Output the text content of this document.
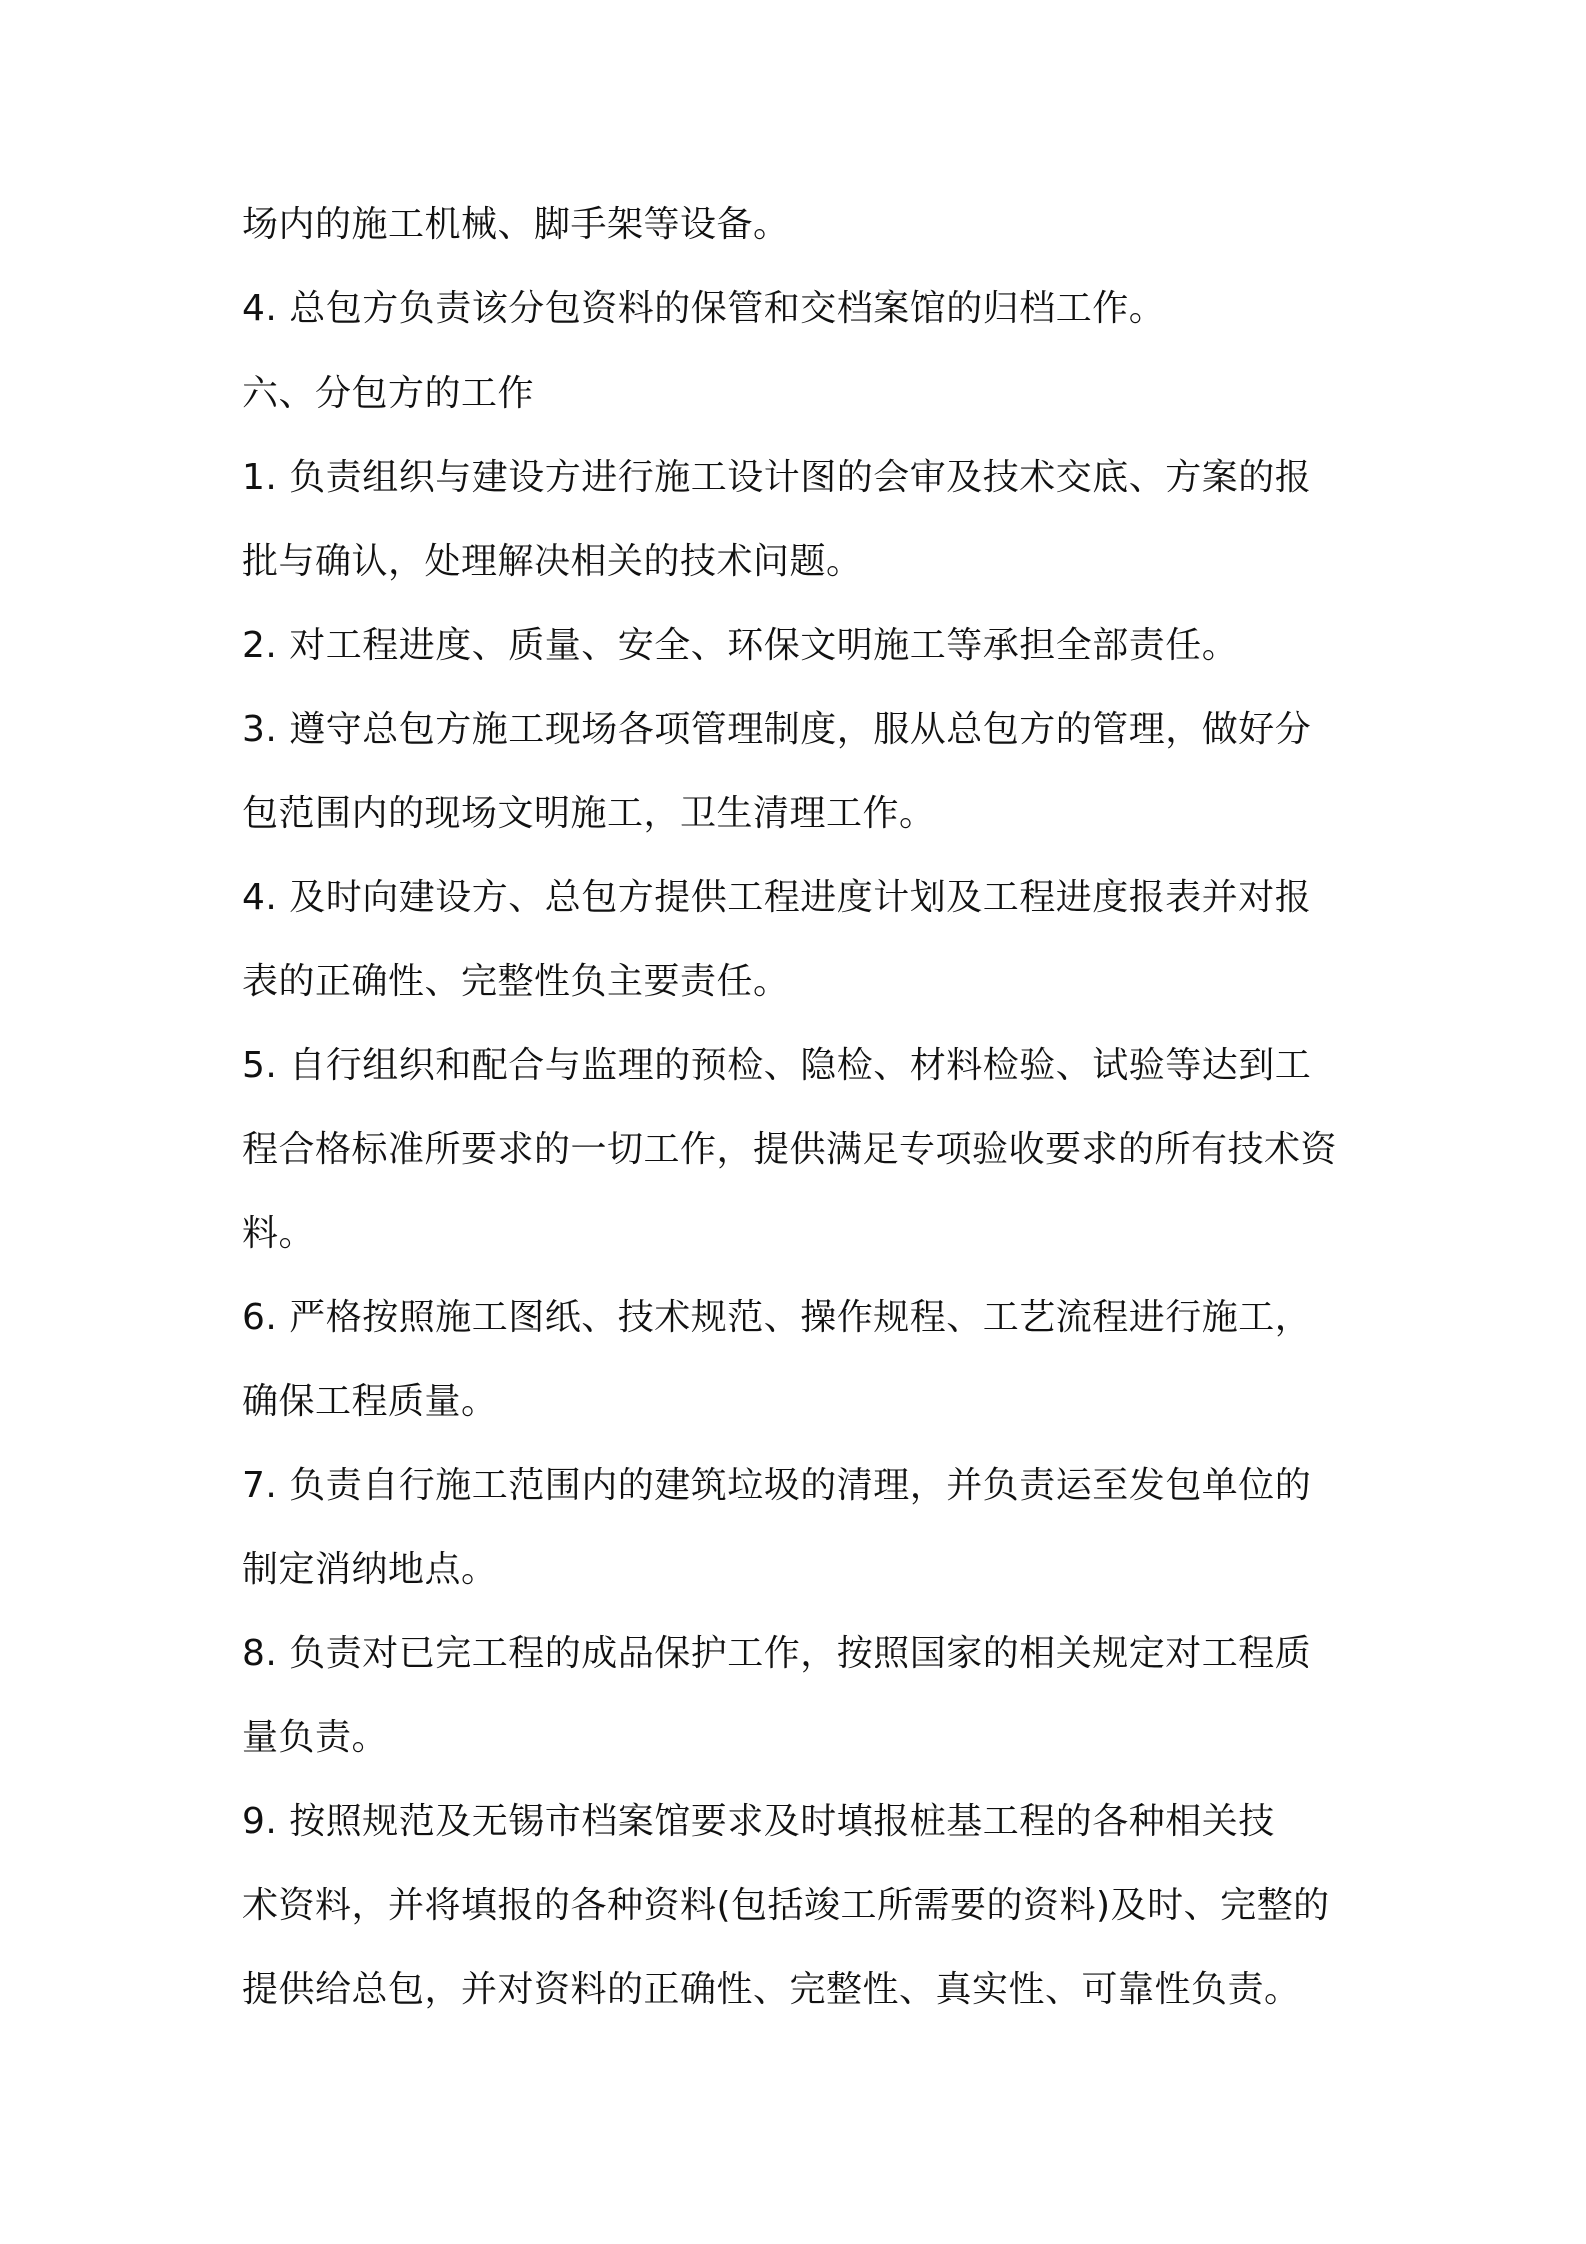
场内的施工机械、脚手架等设备。

4. 总包方负责该分包资料的保管和交档案馆的归档工作。

六、分包方的工作

1. 负责组织与建设方进行施工设计图的会审及技术交底、方案的报

批与确认，处理解决相关的技术问题。

2. 对工程进度、质量、安全、环保文明施工等承担全部责任。

3. 遵守总包方施工现场各项管理制度，服从总包方的管理，做好分

包范围内的现场文明施工，卫生清理工作。

4. 及时向建设方、总包方提供工程进度计划及工程进度报表并对报

表的正确性、完整性负主要责任。

5. 自行组织和配合与监理的预检、隐检、材料检验、试验等达到工

程合格标准所要求的一切工作，提供满足专项验收要求的所有技术资

料。

6. 严格按照施工图纸、技术规范、操作规程、工艺流程进行施工，

确保工程质量。

7. 负责自行施工范围内的建筑垃圾的清理，并负责运至发包单位的

制定消纳地点。

8. 负责对已完工程的成品保护工作，按照国家的相关规定对工程质

量负责。

9. 按照规范及无锡市档案馆要求及时填报桩基工程的各种相关技

术资料，并将填报的各种资料(包括竣工所需要的资料)及时、完整的

提供给总包，并对资料的正确性、完整性、真实性、可靠性负责。
